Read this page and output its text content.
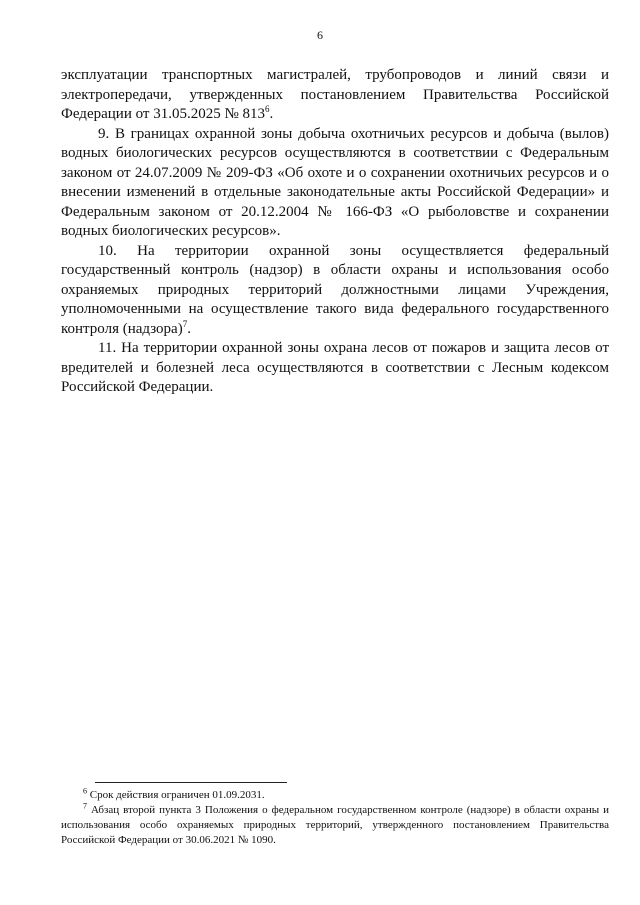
6

эксплуатации транспортных магистралей, трубопроводов и линий связи и электропередачи, утвержденных постановлением Правительства Российской Федерации от 31.05.2025 № $813^6$.

9. В границах охранной зоны добыча охотничьих ресурсов и добыча (вылов) водных биологических ресурсов осуществляются в соответствии с Федеральным законом от 24.07.2009 № 209-ФЗ «Об охоте и о сохранении охотничьих ресурсов и о внесении изменений в отдельные законодательные акты Российской Федерации» и Федеральным законом от 20.12.2004 № 166-ФЗ «О рыболовстве и сохранении водных биологических ресурсов».

10. На территории охранной зоны осуществляется федеральный государственный контроль (надзор) в области охраны и использования особо охраняемых природных территорий должностными лицами Учреждения, уполномоченными на осуществление такого вида федерального государственного контроля (надзора)$^7$.

11. На территории охранной зоны охрана лесов от пожаров и защита лесов от вредителей и болезней леса осуществляются в соответствии с Лесным кодексом Российской Федерации.

$^6$ Срок действия ограничен 01.09.2031.

$^7$ Абзац второй пункта 3 Положения о федеральном государственном контроле (надзоре) в области охраны и использования особо охраняемых природных территорий, утвержденного постановлением Правительства Российской Федерации от 30.06.2021 № 1090.
